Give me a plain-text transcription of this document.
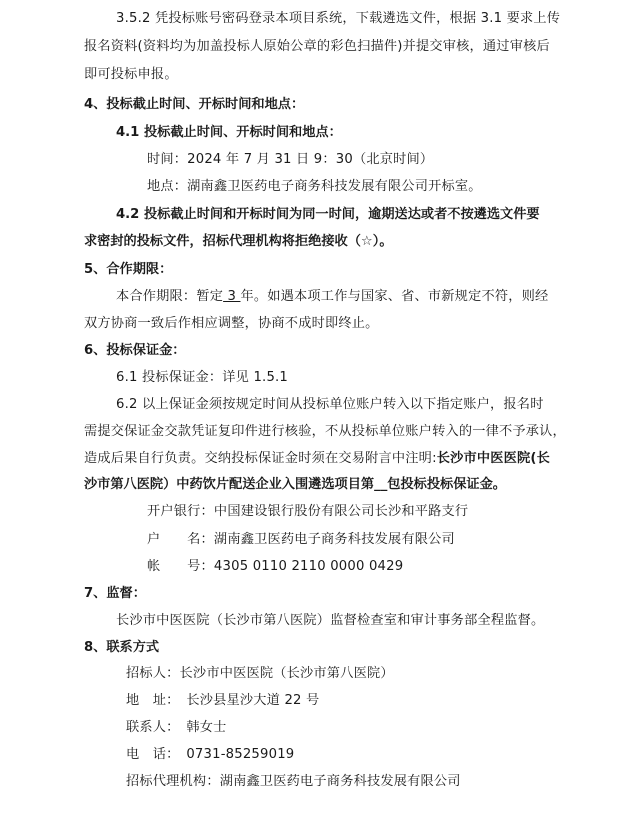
3.5.2 凭投标账号密码登录本项目系统，下载遴选文件，根据 3.1 要求上传
报名资料(资料均为加盖投标人原始公章的彩色扫描件)并提交审核，通过审核后
即可投标申报。
4、投标截止时间、开标时间和地点：
4.1 投标截止时间、开标时间和地点：
时间：2024 年 7 月 31 日 9：30（北京时间）
地点：湖南鑫卫医药电子商务科技发展有限公司开标室。
4.2 投标截止时间和开标时间为同一时间，逾期送达或者不按遴选文件要
求密封的投标文件，招标代理机构将拒绝接收（☆）。
5、合作期限：
本合作期限：暂定 3 年。如遇本项工作与国家、省、市新规定不符，则经
双方协商一致后作相应调整，协商不成时即终止。
6、投标保证金：
6.1 投标保证金：详见 1.5.1
6.2 以上保证金须按规定时间从投标单位账户转入以下指定账户，报名时
需提交保证金交款凭证复印件进行核验，不从投标单位账户转入的一律不予承认，
造成后果自行负责。交纳投标保证金时须在交易附言中注明:长沙市中医医院(长
沙市第八医院）中药饮片配送企业入围遴选项目第__包投标投标保证金。
开户银行：中国建设银行股份有限公司长沙和平路支行
户　　名：湖南鑫卫医药电子商务科技发展有限公司
帐　　号：4305 0110 2110 0000 0429
7、监督：
长沙市中医医院（长沙市第八医院）监督检查室和审计事务部全程监督。
8、联系方式
招标人：长沙市中医医院（长沙市第八医院）
地　址：　长沙县星沙大道 22 号
联系人：　韩女士
电　话：　0731-85259019
招标代理机构：湖南鑫卫医药电子商务科技发展有限公司
